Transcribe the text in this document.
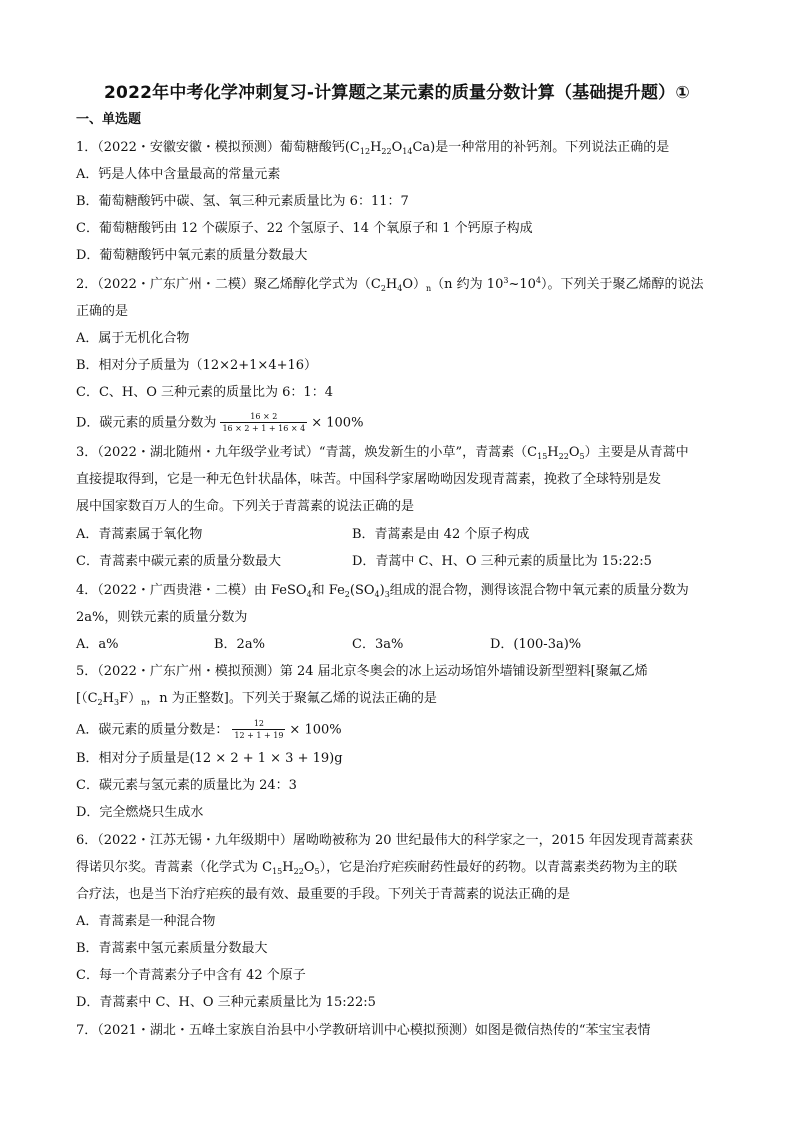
2022年中考化学冲刺复习-计算题之某元素的质量分数计算（基础提升题）①
一、单选题
1．（2022・安徽安徽・模拟预测）葡萄糖酸钙$(C_{12}H_{22}O_{14}Ca)$是一种常用的补钙剂。下列说法正确的是
A．钙是人体中含量最高的常量元素
B．葡萄糖酸钙中碳、氢、氧三种元素质量比为 6：11：7
C．葡萄糖酸钙由 12 个碳原子、22 个氢原子、14 个氧原子和 1 个钙原子构成
D．葡萄糖酸钙中氧元素的质量分数最大
2．（2022・广东广州・二模）聚乙烯醇化学式为$(C_2H_4O)_n(n$ 约为 $10^3\sim 10^4$）。下列关于聚乙烯醇的说法
正确的是
A．属于无机化合物
B．相对分子质量为（12×2+1×4+16）
C．C、H、O 三种元素的质量比为 6：1：4
D．碳元素的质量分数为 $\frac{16 \times 2}{16 \times 2 + 1 + 16 \times 4} \times 100\%$
3．（2022・湖北随州・九年级学业考试）“青蒿，焕发新生的小草”，青蒿素$(C_{15}H_{22}O_5)$主要是从青蒿中
直接提取得到，它是一种无色针状晶体，味苦。中国科学家屠呦呦因发现青蒿素，挽救了全球特别是发
展中国家数百万人的生命。下列关于青蒿素的说法正确的是
A．青蒿素属于氧化物	B．青蒿素是由 42 个原子构成
C．青蒿素中碳元素的质量分数最大	D．青蒿中 C、H、O 三种元素的质量比为 15:22:5
4．（2022・广西贵港・二模）由 FeSO$_4$和 $Fe_2(SO_4)_3$组成的混合物，测得该混合物中氧元素的质量分数为
2a%，则铁元素的质量分数为
A．a%	B．2a%	C．3a%	D．(100-3a)%
5．（2022・广东广州・模拟预测）第 24 届北京冬奥会的冰上运动场馆外墙铺设新型塑料[聚氟乙烯
[$(C_2H_3F)_n$，n 为正整数]。下列关于聚氟乙烯的说法正确的是
A．碳元素的质量分数是： $\frac{12}{12 + 1 + 19} \times 100\%$
B．相对分子质量是(12 × 2 + 1 × 3 + 19)g
C．碳元素与氢元素的质量比为 24：3
D．完全燃烧只生成水
6．（2022・江苏无锡・九年级期中）屠呦呦被称为 20 世纪最伟大的科学家之一，2015 年因发现青蒿素获
得诺贝尔奖。青蒿素（化学式为 $C_{15}H_{22}O_5$），它是治疗疟疾耐药性最好的药物。以青蒿素类药物为主的联
合疗法，也是当下治疗疟疾的最有效、最重要的手段。下列关于青蒿素的说法正确的是
A．青蒿素是一种混合物
B．青蒿素中氢元素质量分数最大
C．每一个青蒿素分子中含有 42 个原子
D．青蒿素中 C、H、O 三种元素质量比为 15:22:5
7．（2021・湖北・五峰土家族自治县中小学教研培训中心模拟预测）如图是微信热传的“苯宝宝表情
